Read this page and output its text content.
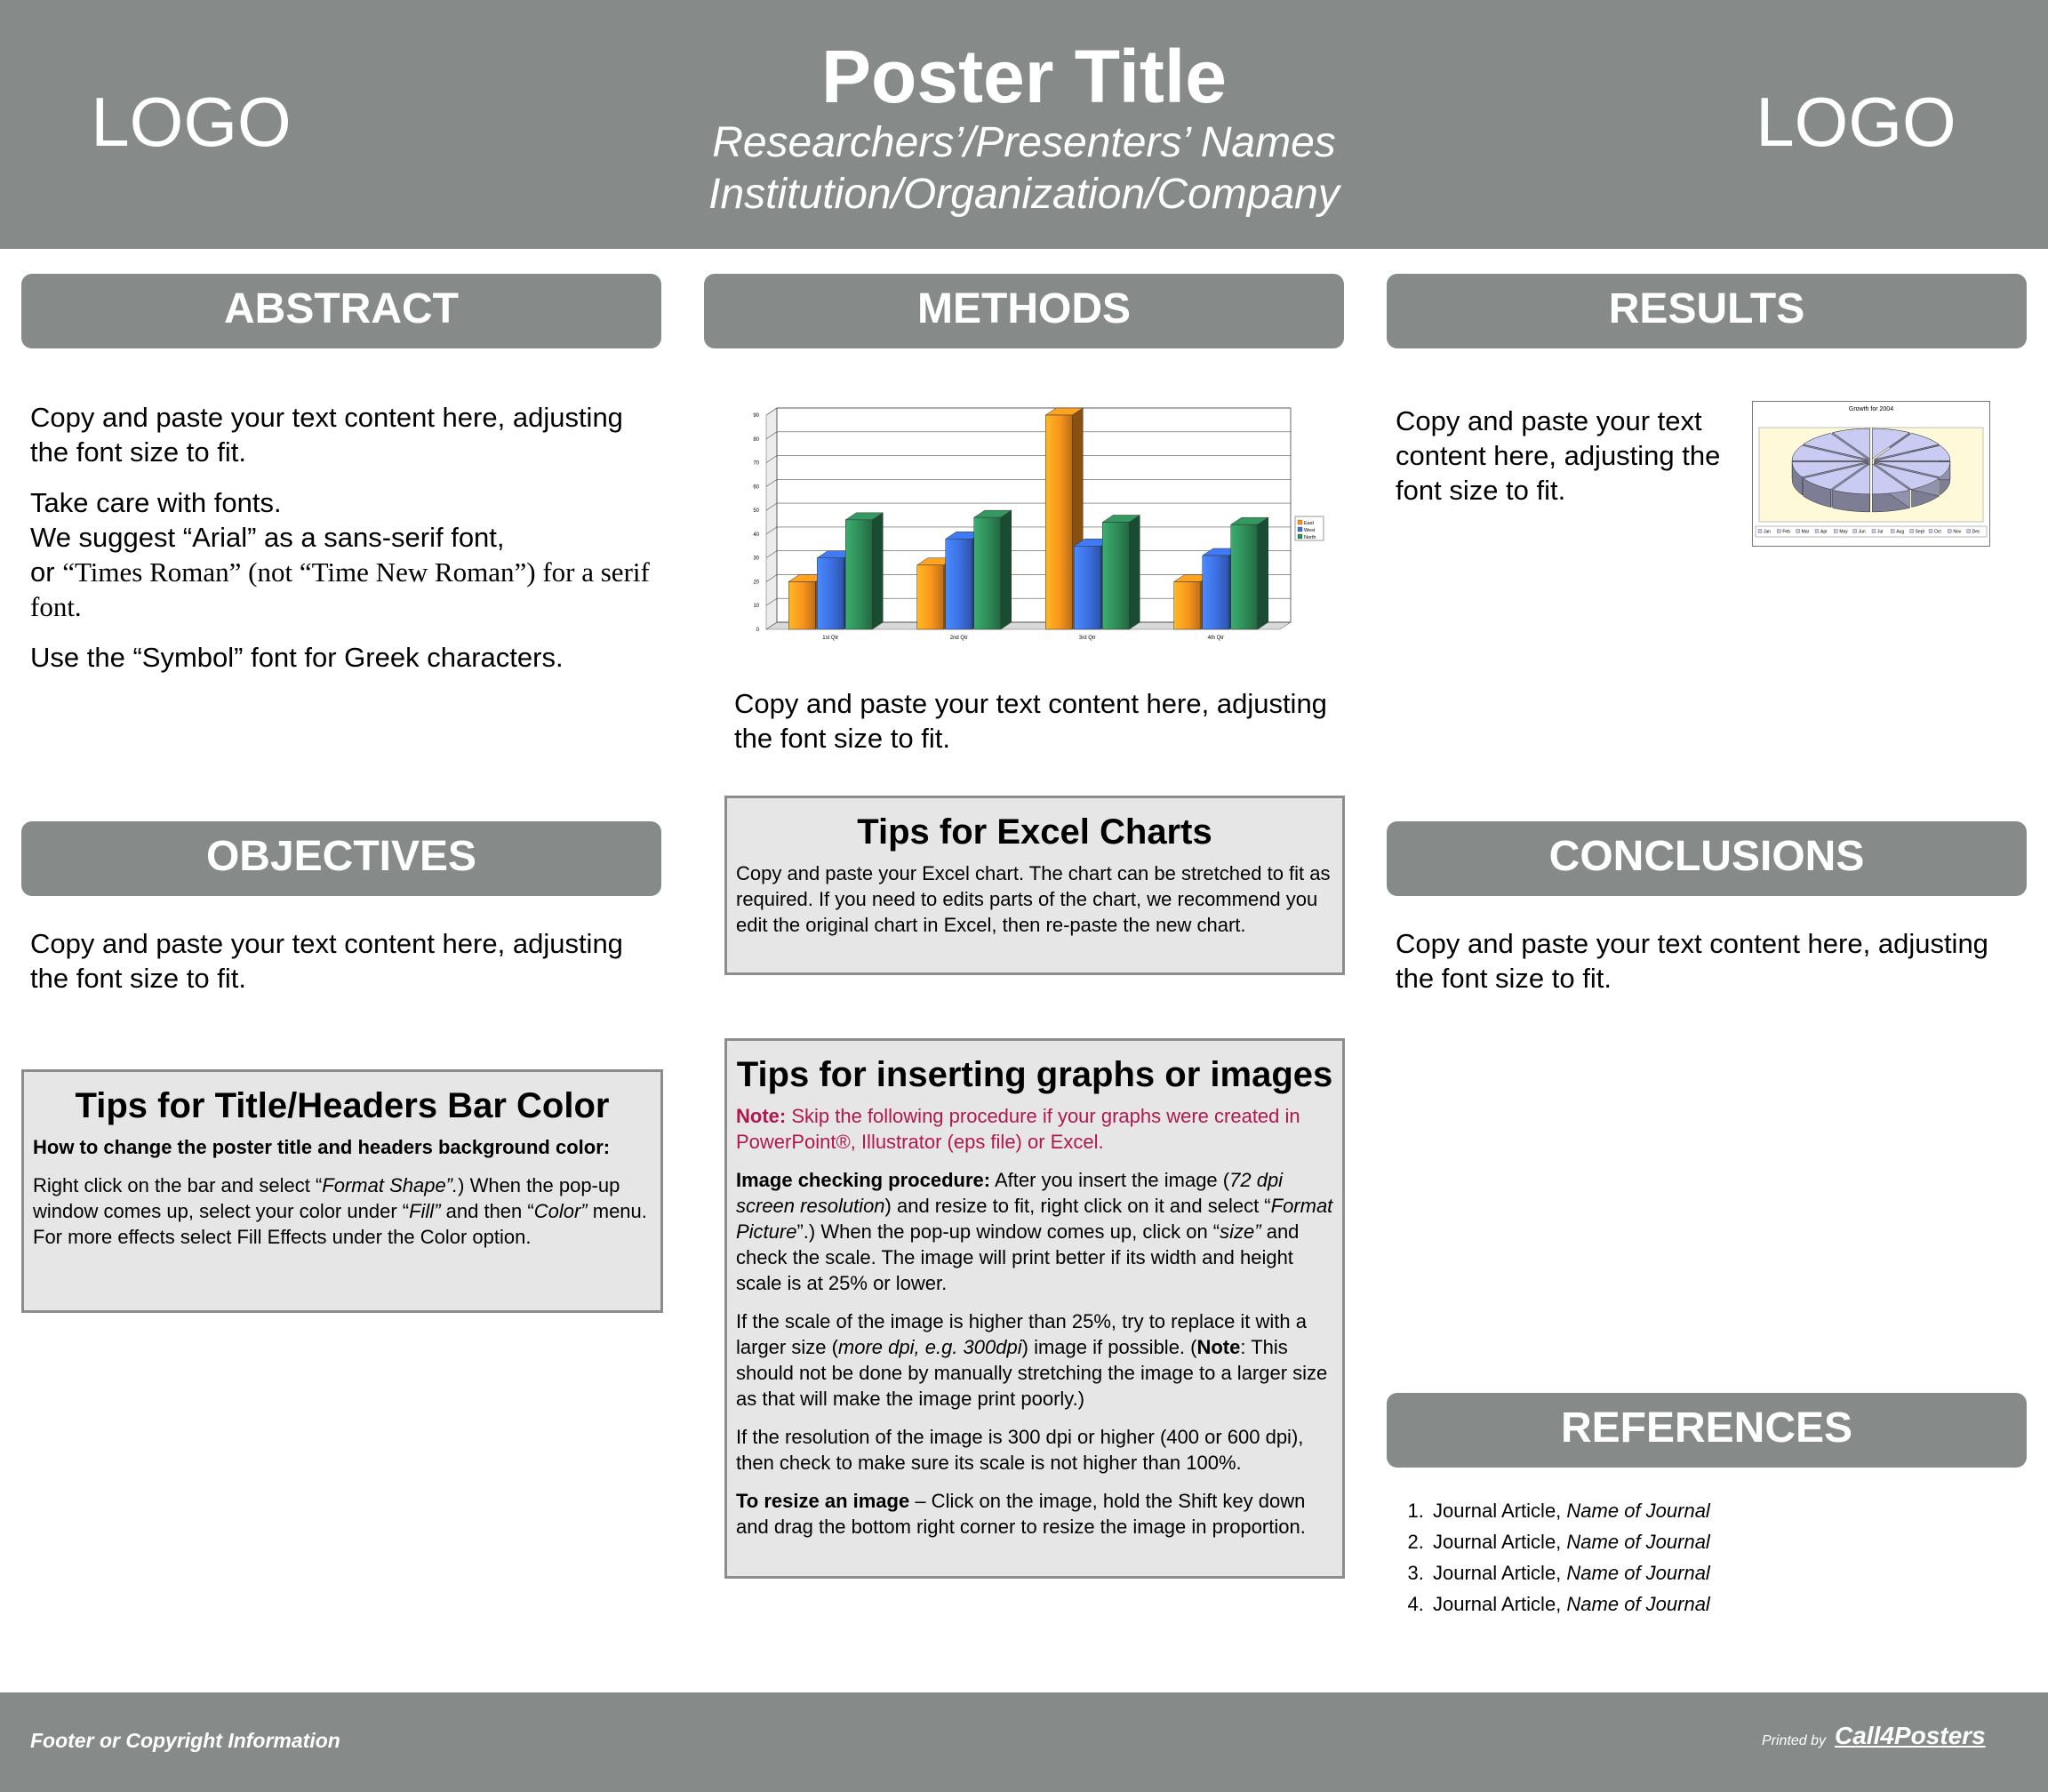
LOGO	LOGO
Poster Title
Researchers’/Presenters’ Names
Institution/Organization/Company
ABSTRACT

Copy and paste your text content here, adjusting the font size to fit.

Take care with fonts.
We suggest “Arial” as a sans-serif font,
or “Times Roman” (not “Time New Roman”) for a serif font.

Use the “Symbol” font for Greek characters.

OBJECTIVES

Copy and paste your text content here, adjusting the font size to fit.

Tips for Title/Headers Bar Color

How to change the poster title and headers background color:

Right click on the bar and select “Format Shape”.) When the pop-up window comes up, select your color under “Fill” and then “Color” menu. For more effects select Fill Effects under the Color option.

METHODS
0
10
20
30
40
50
60
70
80
90
1st Qtr	2nd Qtr	3rd Qtr	4th Qtr
East
West
North

Copy and paste your text content here, adjusting the font size to fit.

Tips for Excel Charts

Copy and paste your Excel chart. The chart can be stretched to fit as required. If you need to edits parts of the chart, we recommend you edit the original chart in Excel, then re-paste the new chart.

Tips for inserting graphs or images

Note: Skip the following procedure if your graphs were created in PowerPoint®, Illustrator (eps file) or Excel.

Image checking procedure: After you insert the image (72 dpi screen resolution) and resize to fit, right click on it and select “Format Picture”.) When the pop-up window comes up, click on “size” and check the scale. The image will print better if its width and height scale is at 25% or lower.

If the scale of the image is higher than 25%, try to replace it with a larger size (more dpi, e.g. 300dpi) image if possible. (Note: This should not be done by manually stretching the image to a larger size as that will make the image print poorly.)

If the resolution of the image is 300 dpi or higher (400 or 600 dpi), then check to make sure its scale is not higher than 100%.

To resize an image – Click on the image, hold the Shift key down and drag the bottom right corner to resize the image in proportion.

RESULTS

Copy and paste your text content here, adjusting the font size to fit.

Growth for 2004
Jan	Feb	Mar	Apr	May Jun	Jul	Aug Sept Oct	Nov Dec
CONCLUSIONS

Copy and paste your text content here, adjusting the font size to fit.

REFERENCES
1. Journal Article, Name of Journal
2. Journal Article, Name of Journal
3. Journal Article, Name of Journal
4. Journal Article, Name of Journal
Footer or Copyright Information	Printed by Call4Posters
